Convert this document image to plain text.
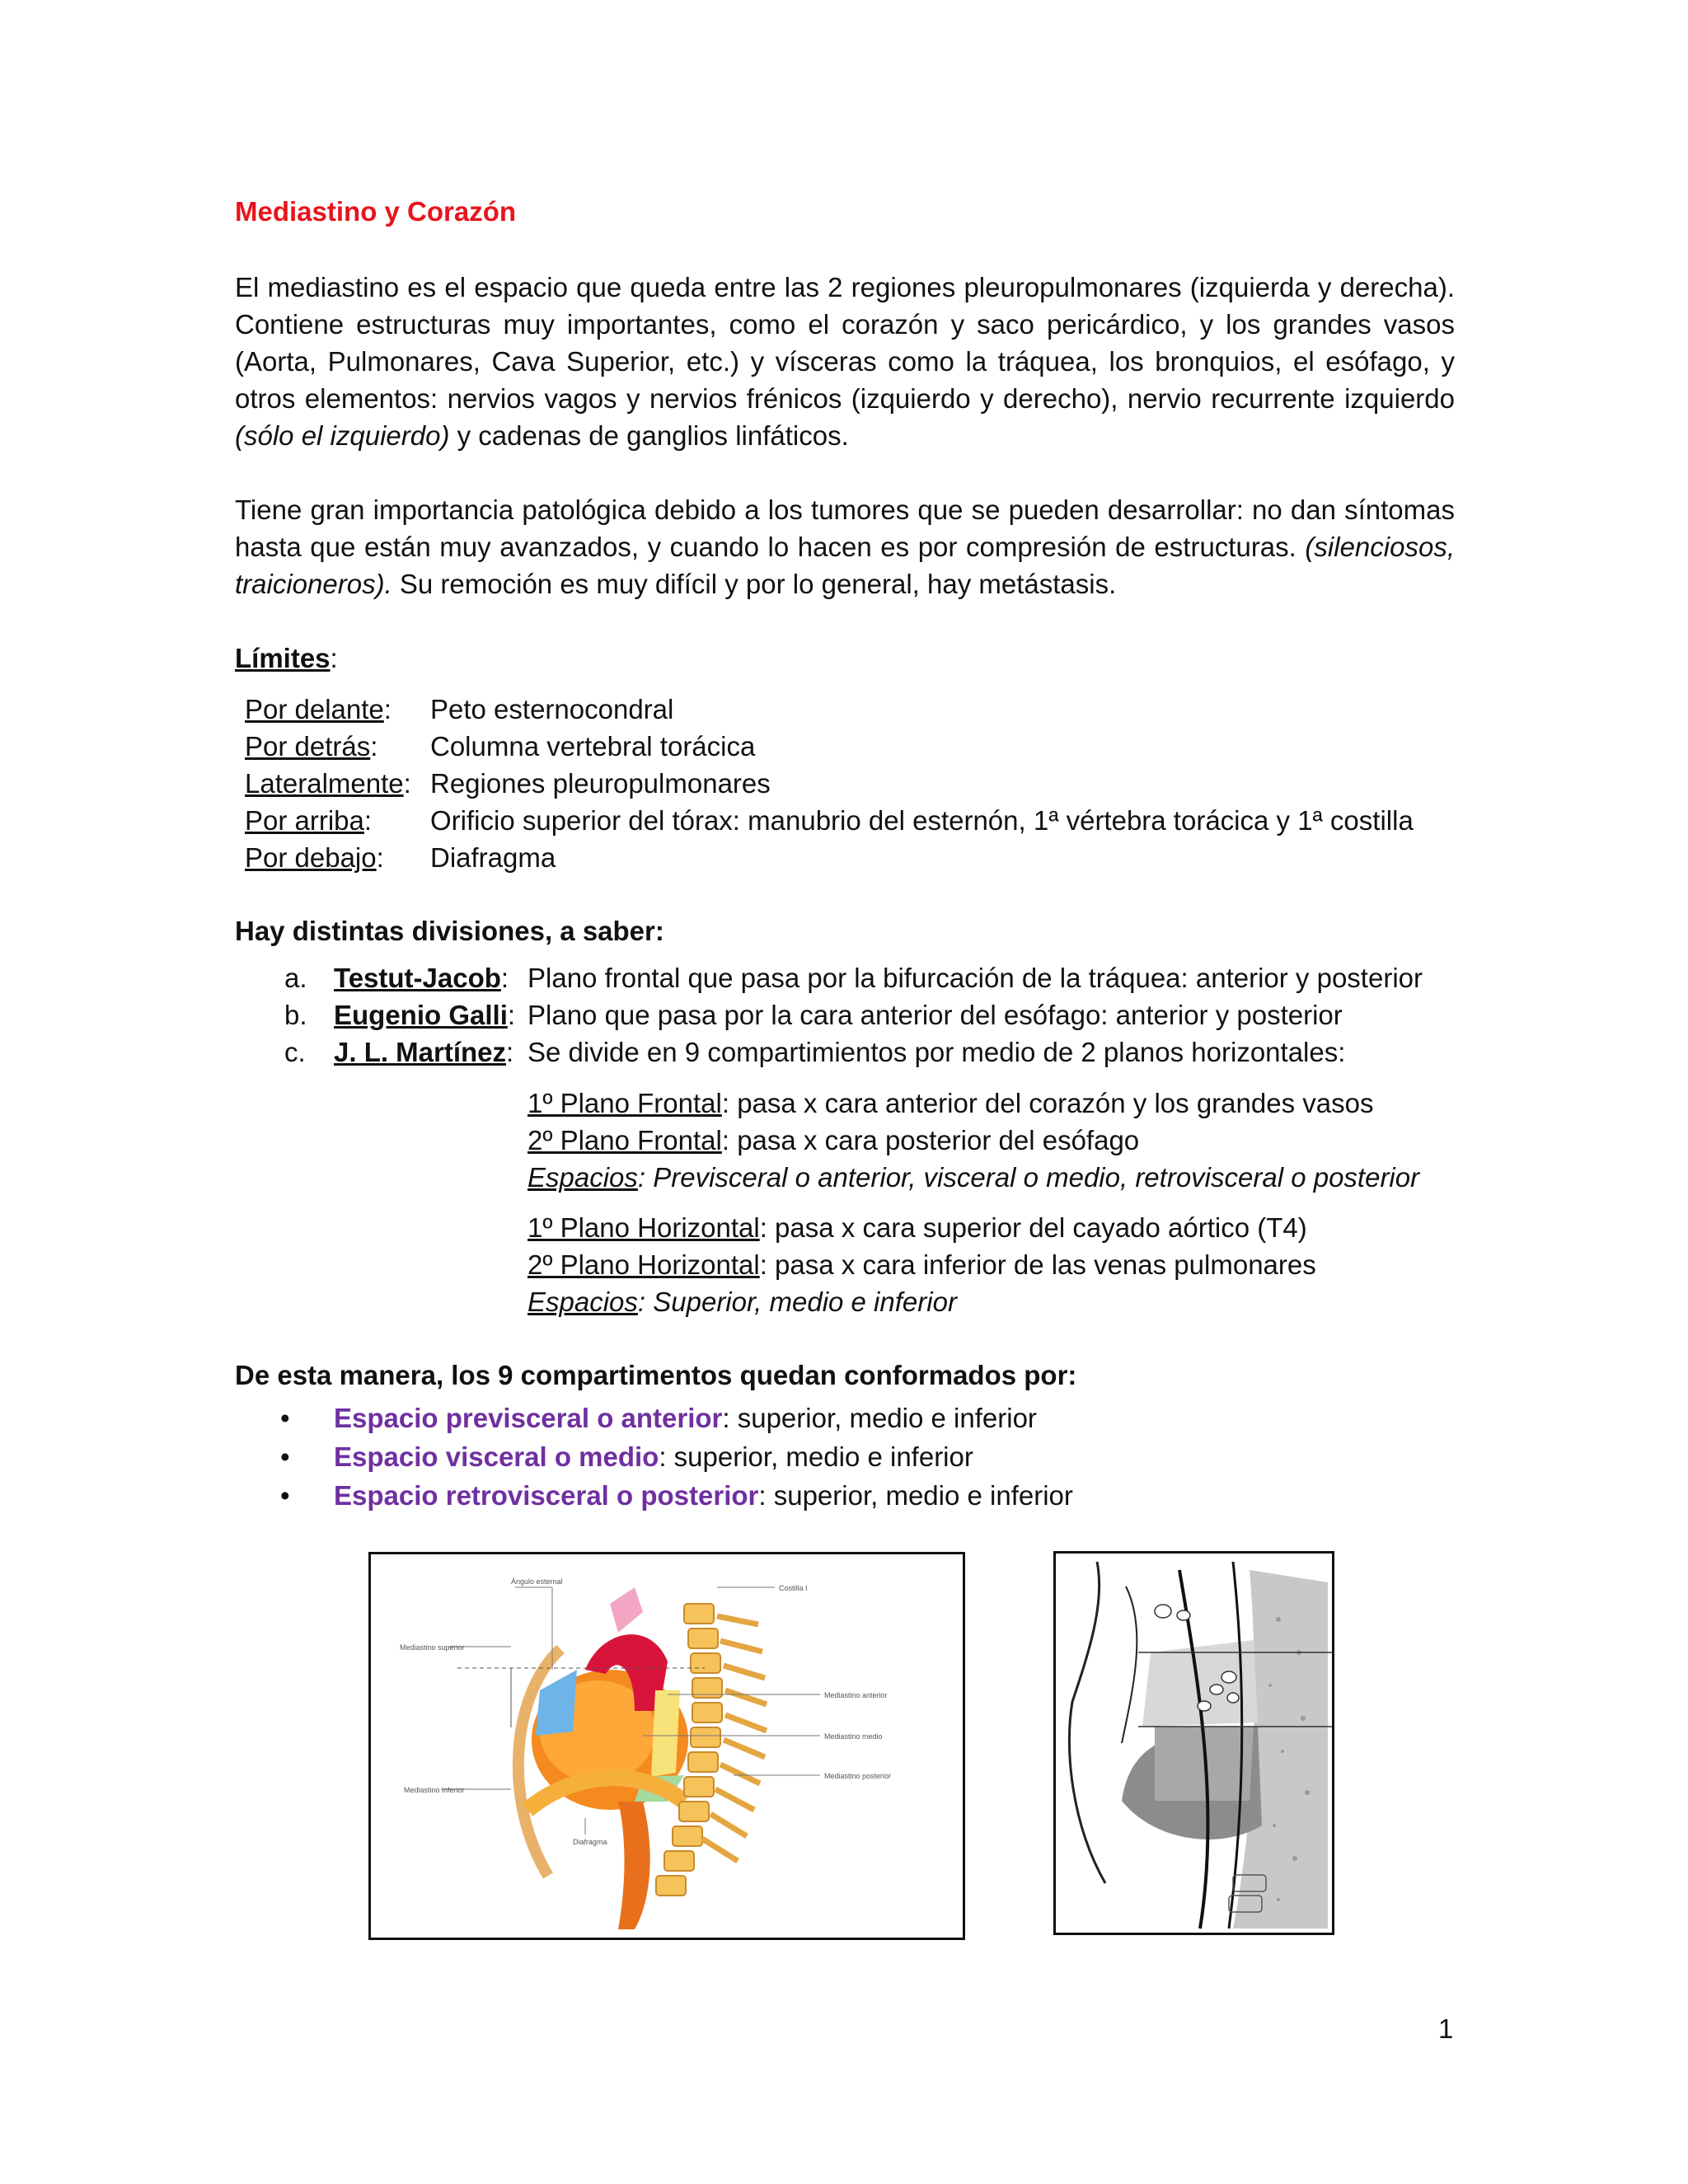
Mediastino y Corazón
El mediastino es el espacio que queda entre las 2 regiones pleuropulmonares (izquierda y derecha). Contiene estructuras muy importantes, como el corazón y saco pericárdico, y los grandes vasos (Aorta, Pulmonares, Cava Superior, etc.) y vísceras como la tráquea, los bronquios, el esófago, y otros elementos: nervios vagos y nervios frénicos (izquierdo y derecho), nervio recurrente izquierdo (sólo el izquierdo) y cadenas de ganglios linfáticos.
Tiene gran importancia patológica debido a los tumores que se pueden desarrollar: no dan síntomas hasta que están muy avanzados, y cuando lo hacen es por compresión de estructuras. (silenciosos, traicioneros). Su remoción es muy difícil y por lo general, hay metástasis.
Límites:
Por delante: Peto esternocondral
Por detrás: Columna vertebral torácica
Lateralmente: Regiones pleuropulmonares
Por arriba: Orificio superior del tórax: manubrio del esternón, 1ª vértebra torácica y 1ª costilla
Por debajo: Diafragma
Hay distintas divisiones, a saber:
a. Testut-Jacob: Plano frontal que pasa por la bifurcación de la tráquea: anterior y posterior
b. Eugenio Galli: Plano que pasa por la cara anterior del esófago: anterior y posterior
c. J. L. Martínez: Se divide en 9 compartimientos por medio de 2 planos horizontales:
1º Plano Frontal: pasa x cara anterior del corazón y los grandes vasos
2º Plano Frontal: pasa x cara posterior del esófago
Espacios: Previsceral o anterior, visceral o medio, retrovisceral o posterior
1º Plano Horizontal: pasa x cara superior del cayado aórtico (T4)
2º Plano Horizontal: pasa x cara inferior de las venas pulmonares
Espacios: Superior, medio e inferior
De esta manera, los 9 compartimentos quedan conformados por:
• Espacio previsceral o anterior: superior, medio e inferior
• Espacio visceral o medio: superior, medio e inferior
• Espacio retrovisceral o posterior: superior, medio e inferior
Ángulo esternal
Costilla I
Mediastino superior
Mediastino anterior
Mediastino medio
Mediastino posterior
Mediastino inferior
Diafragma
1
